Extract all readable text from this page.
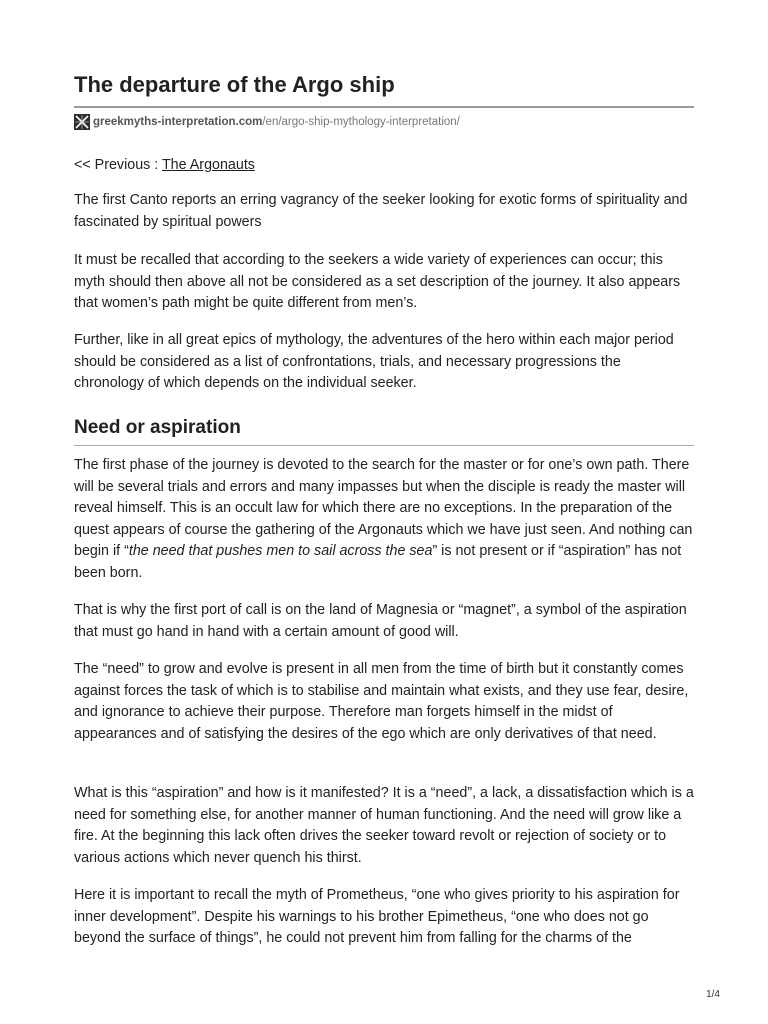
The departure of the Argo ship
greekmyths-interpretation.com /en/argo-ship-mythology-interpretation/
<< Previous : The Argonauts

The first Canto reports an erring vagrancy of the seeker looking for exotic forms of spirituality and fascinated by spiritual powers

It must be recalled that according to the seekers a wide variety of experiences can occur; this myth should then above all not be considered as a set description of the journey. It also appears that women’s path might be quite different from men’s.

Further, like in all great epics of mythology, the adventures of the hero within each major period should be considered as a list of confrontations, trials, and necessary progressions the chronology of which depends on the individual seeker.

Need or aspiration

The first phase of the journey is devoted to the search for the master or for one’s own path. There will be several trials and errors and many impasses but when the disciple is ready the master will reveal himself. This is an occult law for which there are no exceptions. In the preparation of the quest appears of course the gathering of the Argonauts which we have just seen. And nothing can begin if “the need that pushes men to sail across the sea” is not present or if “aspiration” has not been born.

That is why the first port of call is on the land of Magnesia or “magnet”, a symbol of the aspiration that must go hand in hand with a certain amount of good will.

The “need” to grow and evolve is present in all men from the time of birth but it constantly comes against forces the task of which is to stabilise and maintain what exists, and they use fear, desire, and ignorance to achieve their purpose. Therefore man forgets himself in the midst of appearances and of satisfying the desires of the ego which are only derivatives of that need.

What is this “aspiration” and how is it manifested? It is a “need”, a lack, a dissatisfaction which is a need for something else, for another manner of human functioning. And the need will grow like a fire. At the beginning this lack often drives the seeker toward revolt or rejection of society or to various actions which never quench his thirst.

Here it is important to recall the myth of Prometheus, “one who gives priority to his aspiration for inner development”. Despite his warnings to his brother Epimetheus, “one who does not go beyond the surface of things”, he could not prevent him from falling for the charms of the

1/4
